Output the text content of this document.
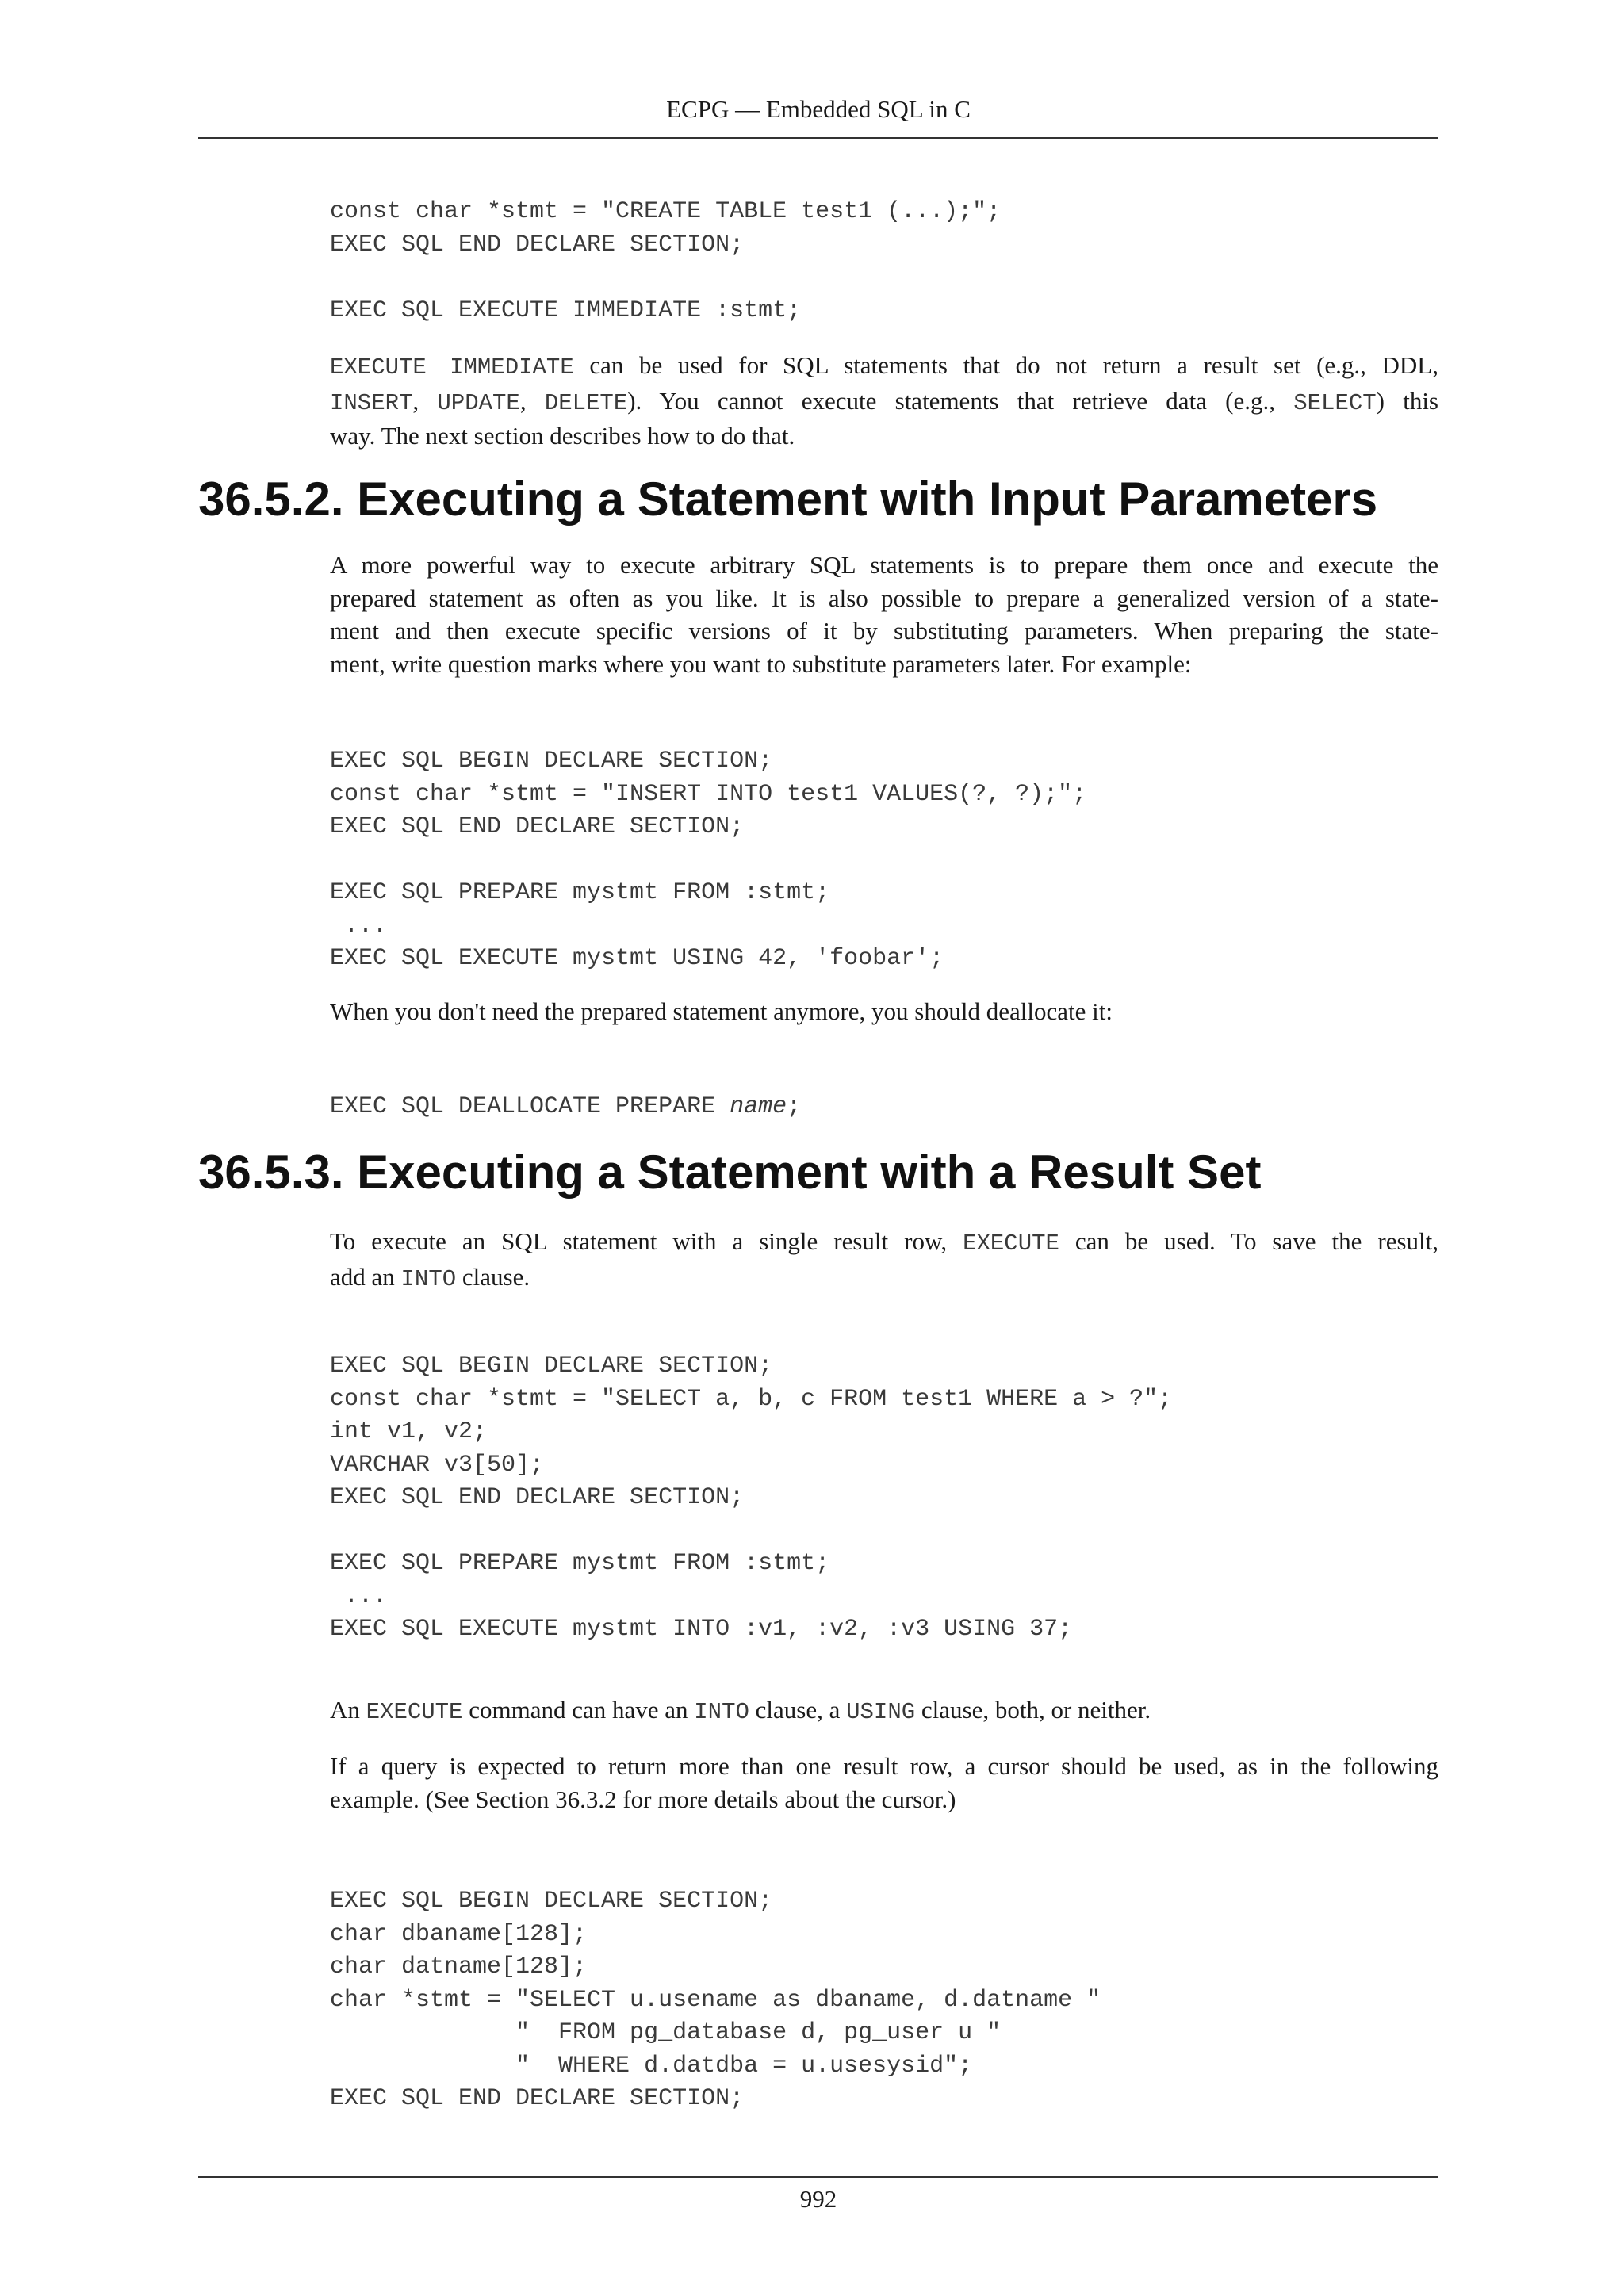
ECPG — Embedded SQL in C
const char *stmt = "CREATE TABLE test1 (...);";
EXEC SQL END DECLARE SECTION;

EXEC SQL EXECUTE IMMEDIATE :stmt;

EXECUTE IMMEDIATE can be used for SQL statements that do not return a result set (e.g., DDL,
INSERT, UPDATE, DELETE). You cannot execute statements that retrieve data (e.g., SELECT) this
way. The next section describes how to do that.

36.5.2. Executing a Statement with Input Parameters

A more powerful way to execute arbitrary SQL statements is to prepare them once and execute the
prepared statement as often as you like. It is also possible to prepare a generalized version of a state-
ment and then execute specific versions of it by substituting parameters. When preparing the state-
ment, write question marks where you want to substitute parameters later. For example:

EXEC SQL BEGIN DECLARE SECTION;
const char *stmt = "INSERT INTO test1 VALUES(?, ?);";
EXEC SQL END DECLARE SECTION;

EXEC SQL PREPARE mystmt FROM :stmt;
...
EXEC SQL EXECUTE mystmt USING 42, 'foobar';

When you don't need the prepared statement anymore, you should deallocate it:

EXEC SQL DEALLOCATE PREPARE name;
36.5.3. Executing a Statement with a Result Set

To execute an SQL statement with a single result row, EXECUTE can be used. To save the result,
add an INTO clause.

EXEC SQL BEGIN DECLARE SECTION;
const char *stmt = "SELECT a, b, c FROM test1 WHERE a > ?";
int v1, v2;
VARCHAR v3[50];
EXEC SQL END DECLARE SECTION;

EXEC SQL PREPARE mystmt FROM :stmt;
...
EXEC SQL EXECUTE mystmt INTO :v1, :v2, :v3 USING 37;

An EXECUTE command can have an INTO clause, a USING clause, both, or neither.

If a query is expected to return more than one result row, a cursor should be used, as in the following
example. (See Section 36.3.2 for more details about the cursor.)

EXEC SQL BEGIN DECLARE SECTION;
char dbaname[128];
char datname[128];
char *stmt = "SELECT u.usename as dbaname, d.datname "
"  FROM pg_database d, pg_user u "
"  WHERE d.datdba = u.usesysid";
EXEC SQL END DECLARE SECTION;
992
